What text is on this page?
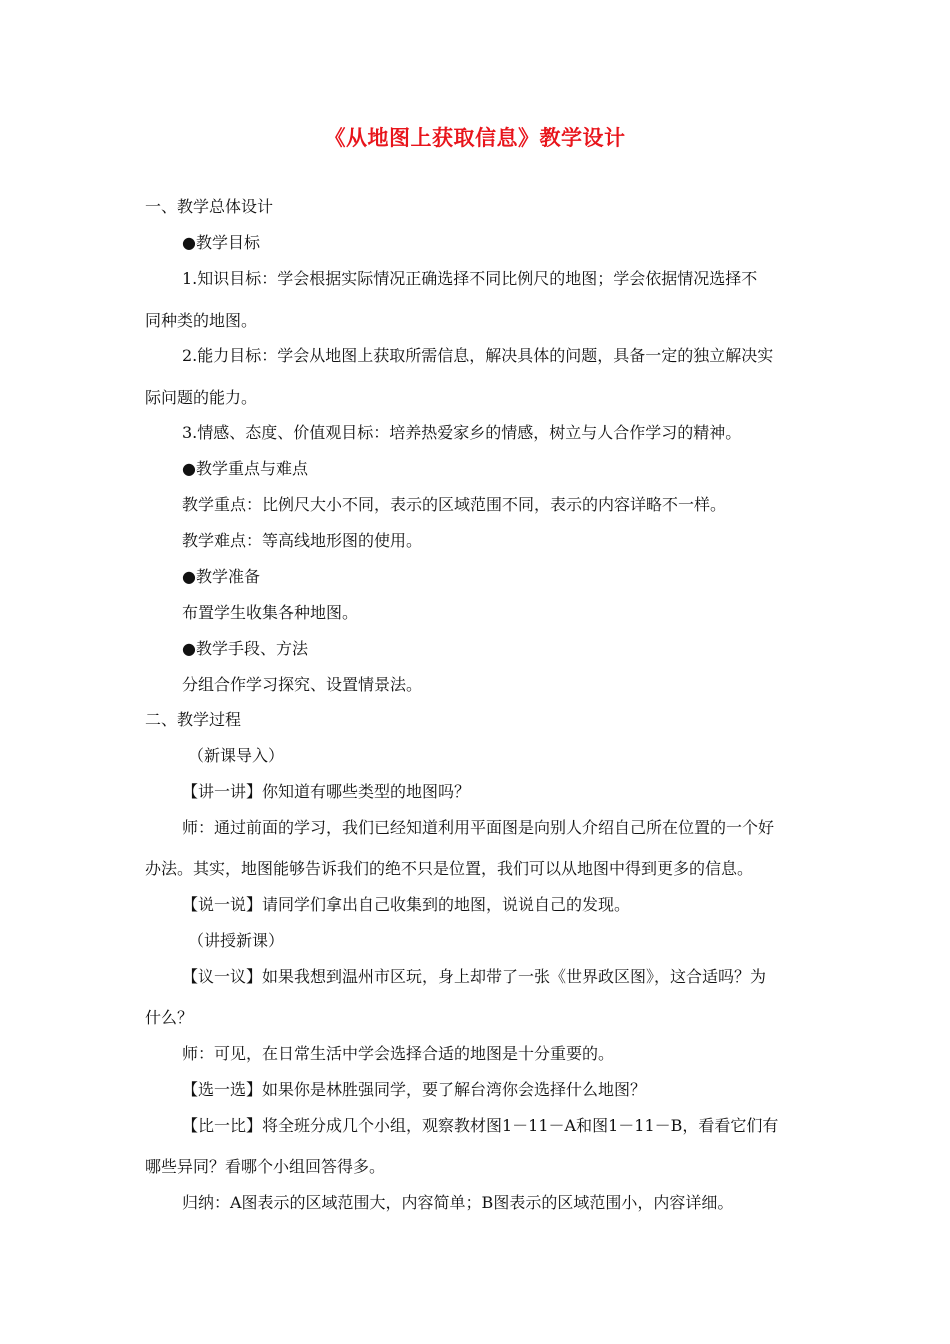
《从地图上获取信息》教学设计
一、教学总体设计
●教学目标
1.知识目标：学会根据实际情况正确选择不同比例尺的地图；学会依据情况选择不
同种类的地图。
2.能力目标：学会从地图上获取所需信息，解决具体的问题，具备一定的独立解决实
际问题的能力。
3.情感、态度、价值观目标：培养热爱家乡的情感，树立与人合作学习的精神。
●教学重点与难点
教学重点：比例尺大小不同，表示的区域范围不同，表示的内容详略不一样。
教学难点：等高线地形图的使用。
●教学准备
布置学生收集各种地图。
●教学手段、方法
分组合作学习探究、设置情景法。
二、教学过程
（新课导入）
【讲一讲】你知道有哪些类型的地图吗？
师：通过前面的学习，我们已经知道利用平面图是向别人介绍自己所在位置的一个好
办法。其实，地图能够告诉我们的绝不只是位置，我们可以从地图中得到更多的信息。
【说一说】请同学们拿出自己收集到的地图，说说自己的发现。
（讲授新课）
【议一议】如果我想到温州市区玩，身上却带了一张《世界政区图》，这合适吗？为
什么？
师：可见，在日常生活中学会选择合适的地图是十分重要的。
【选一选】如果你是林胜强同学，要了解台湾你会选择什么地图？
【比一比】将全班分成几个小组，观察教材图1－11－A和图1－11－B，看看它们有
哪些异同？看哪个小组回答得多。
归纳：A图表示的区域范围大，内容简单；B图表示的区域范围小，内容详细。
